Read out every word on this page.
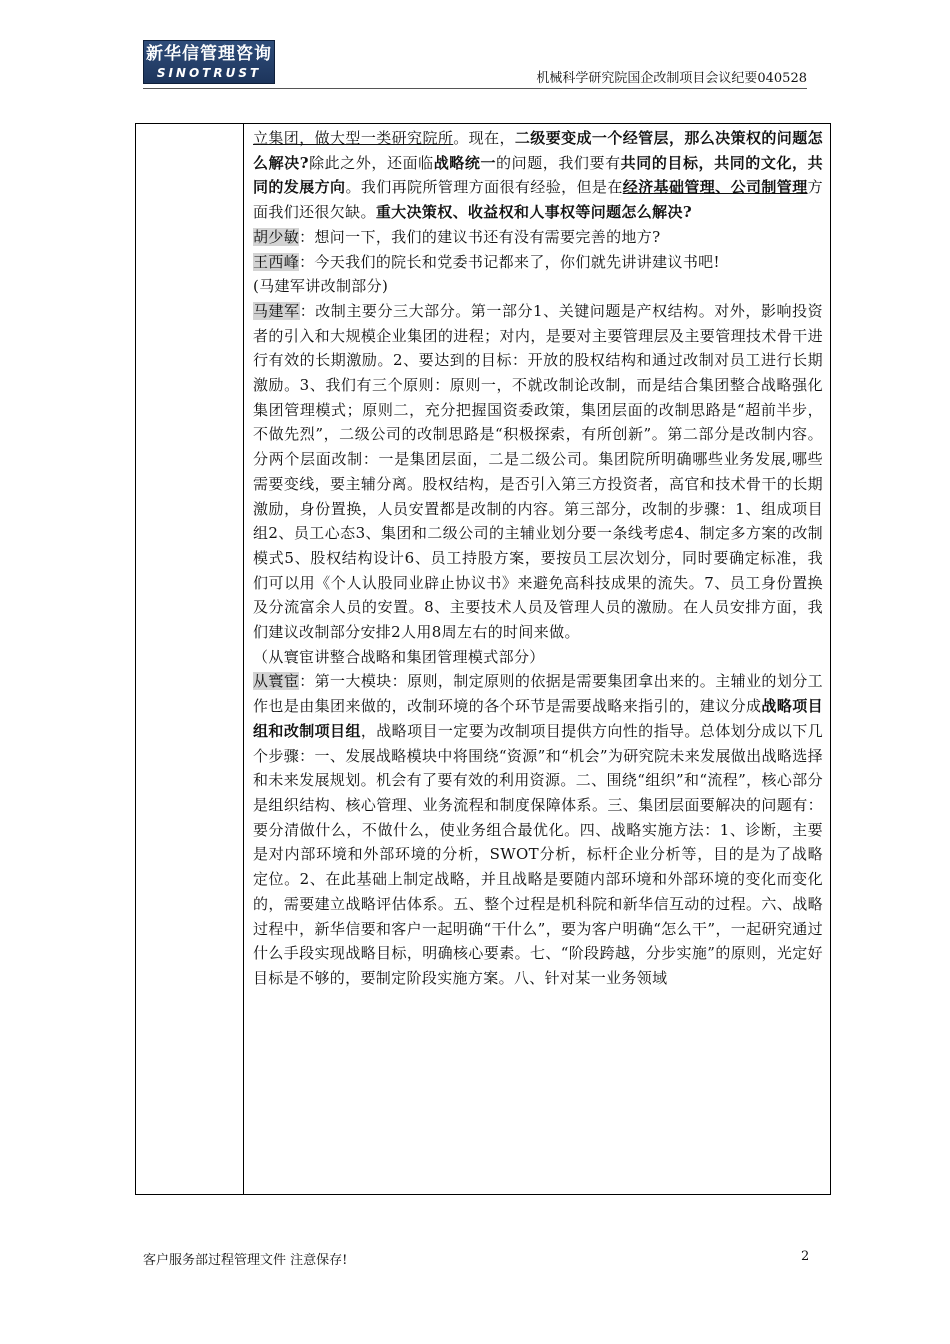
新华信管理咨询
SINOTRUST	机械科学研究院国企改制项目会议纪要040528

立集团，做大型一类研究院所。现在，二级要变成一个经管层，那么决策权的问题怎么解决?除此之外，还面临战略统一的问题，我们要有共同的目标，共同的文化，共同的发展方向。我们再院所管理方面很有经验，但是在经济基础管理、公司制管理方面我们还很欠缺。重大决策权、收益权和人事权等问题怎么解决?

胡少敏：想问一下，我们的建议书还有没有需要完善的地方?

王西峰：今天我们的院长和党委书记都来了，你们就先讲讲建议书吧!

(马建军讲改制部分)

马建军：改制主要分三大部分。第一部分1、关键问题是产权结构。对外，影响投资者的引入和大规模企业集团的进程；对内，是要对主要管理层及主要管理技术骨干进行有效的长期激励。2、要达到的目标：开放的股权结构和通过改制对员工进行长期激励。3、我们有三个原则：原则一，不就改制论改制，而是结合集团整合战略强化集团管理模式；原则二，充分把握国资委政策，集团层面的改制思路是“超前半步，不做先烈”，二级公司的改制思路是“积极探索，有所创新”。第二部分是改制内容。分两个层面改制：一是集团层面，二是二级公司。集团院所明确哪些业务发展,哪些需要变线，要主辅分离。股权结构，是否引入第三方投资者，高官和技术骨干的长期激励，身份置换，人员安置都是改制的内容。第三部分，改制的步骤：1、组成项目组2、员工心态3、集团和二级公司的主辅业划分要一条线考虑4、制定多方案的改制模式5、股权结构设计6、员工持股方案，要按员工层次划分，同时要确定标准，我们可以用《个人认股同业辟止协议书》来避免高科技成果的流失。7、员工身份置换及分流富余人员的安置。8、主要技术人员及管理人员的激励。在人员安排方面，我们建议改制部分安排2人用8周左右的时间来做。

（从寰宦讲整合战略和集团管理模式部分）

从寰宦：第一大模块：原则，制定原则的依据是需要集团拿出来的。主辅业的划分工作也是由集团来做的，改制环境的各个环节是需要战略来指引的，建议分成战略项目组和改制项目组，战略项目一定要为改制项目提供方向性的指导。总体划分成以下几个步骤：一、发展战略模块中将围绕“资源”和“机会”为研究院未来发展做出战略选择和未来发展规划。机会有了要有效的利用资源。二、围绕“组织”和“流程”，核心部分是组织结构、核心管理、业务流程和制度保障体系。三、集团层面要解决的问题有：要分清做什么，不做什么，使业务组合最优化。四、战略实施方法：1、诊断，主要是对内部环境和外部环境的分析，SWOT分析，标杆企业分析等，目的是为了战略定位。2、在此基础上制定战略，并且战略是要随内部环境和外部环境的变化而变化的，需要建立战略评估体系。五、整个过程是机科院和新华信互动的过程。六、战略过程中，新华信要和客户一起明确“干什么”，要为客户明确“怎么干”，一起研究通过什么手段实现战略目标，明确核心要素。七、“阶段跨越，分步实施”的原则，光定好目标是不够的，要制定阶段实施方案。八、针对某一业务领域

客户服务部过程管理文件 注意保存!	2
